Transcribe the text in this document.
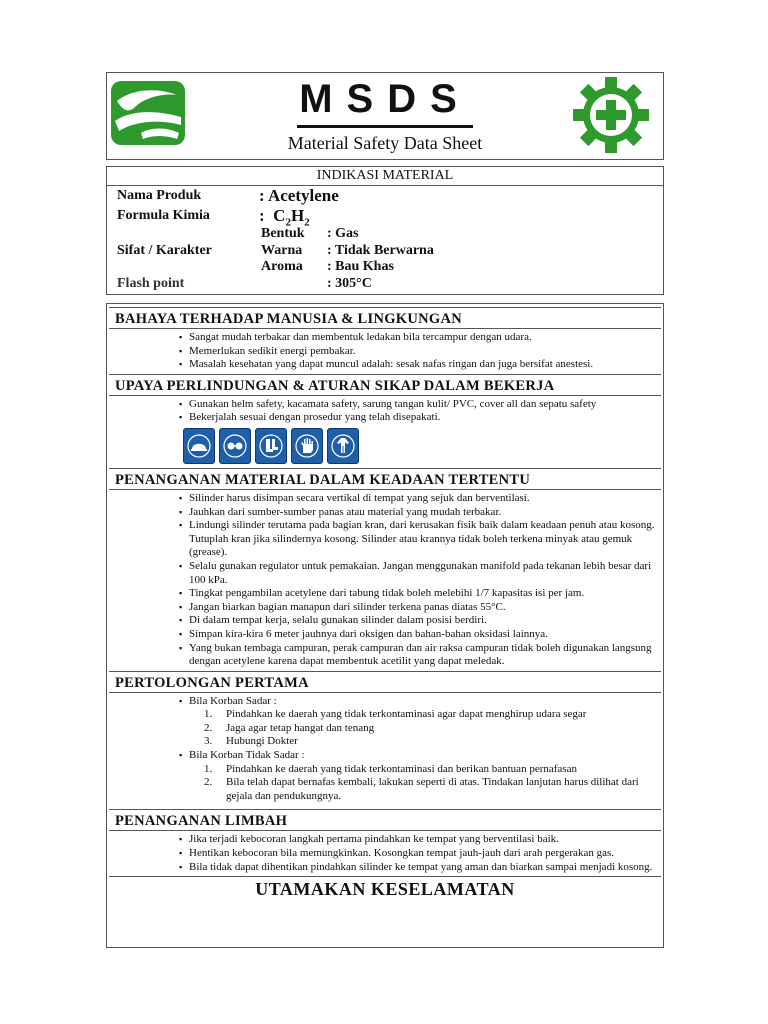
MSDS
Material Safety Data Sheet
INDIKASI MATERIAL
Nama Produk	: Acetylene
Formula Kimia	: $C_2H_2$
Bentuk : Gas
Sifat / Karakter	Warna : Tidak Berwarna
Aroma : Bau Khas
Flash point	: 305°C
BAHAYA TERHADAP MANUSIA & LINGKUNGAN
▪ Sangat mudah terbakar dan membentuk ledakan bila tercampur dengan udara.
▪ Memerlukan sedikit energi pembakar.
▪ Masalah kesehatan yang dapat muncul adalah: sesak nafas ringan dan juga bersifat anestesi.
UPAYA PERLINDUNGAN & ATURAN SIKAP DALAM BEKERJA
▪ Gunakan helm safety, kacamata safety, sarung tangan kulit/ PVC, cover all dan sepatu safety
▪ Bekerjalah sesuai dengan prosedur yang telah disepakati.
PENANGANAN MATERIAL DALAM KEADAAN TERTENTU
▪ Silinder harus disimpan secara vertikal di tempat yang sejuk dan berventilasi.
▪ Jauhkan dari sumber-sumber panas atau material yang mudah terbakar.
▪ Lindungi silinder terutama pada bagian kran, dari kerusakan fisik baik dalam keadaan penuh atau kosong. Tutuplah kran jika silindernya kosong. Silinder atau krannya tidak boleh terkena minyak atau gemuk (grease).
▪ Selalu gunakan regulator untuk pemakaian. Jangan menggunakan manifold pada tekanan lebih besar dari 100 kPa.
▪ Tingkat pengambilan acetylene dari tabung tidak boleh melebihi 1/7 kapasitas isi per jam.
▪ Jangan biarkan bagian manapun dari silinder terkena panas diatas 55°C.
▪ Di dalam tempat kerja, selalu gunakan silinder dalam posisi berdiri.
▪ Simpan kira-kira 6 meter jauhnya dari oksigen dan bahan-bahan oksidasi lainnya.
▪ Yang bukan tembaga campuran, perak campuran dan air raksa campuran tidak boleh digunakan langsung dengan acetylene karena dapat membentuk acetilit yang dapat meledak.
PERTOLONGAN PERTAMA
▪ Bila Korban Sadar :
1. Pindahkan ke daerah yang tidak terkontaminasi agar dapat menghirup udara segar
2. Jaga agar tetap hangat dan tenang
3. Hubungi Dokter
▪ Bila Korban Tidak Sadar :
1. Pindahkan ke daerah yang tidak terkontaminasi dan berikan bantuan pernafasan
2. Bila telah dapat bernafas kembali, lakukan seperti di atas. Tindakan lanjutan harus dilihat dari gejala dan pendukungnya.
PENANGANAN LIMBAH
▪ Jika terjadi kebocoran langkah pertama pindahkan ke tempat yang berventilasi baik.
▪ Hentikan kebocoran bila memungkinkan. Kosongkan tempat jauh-jauh dari arah pergerakan gas.
▪ Bila tidak dapat dihentikan pindahkan silinder ke tempat yang aman dan biarkan sampai menjadi kosong.
UTAMAKAN KESELAMATAN
